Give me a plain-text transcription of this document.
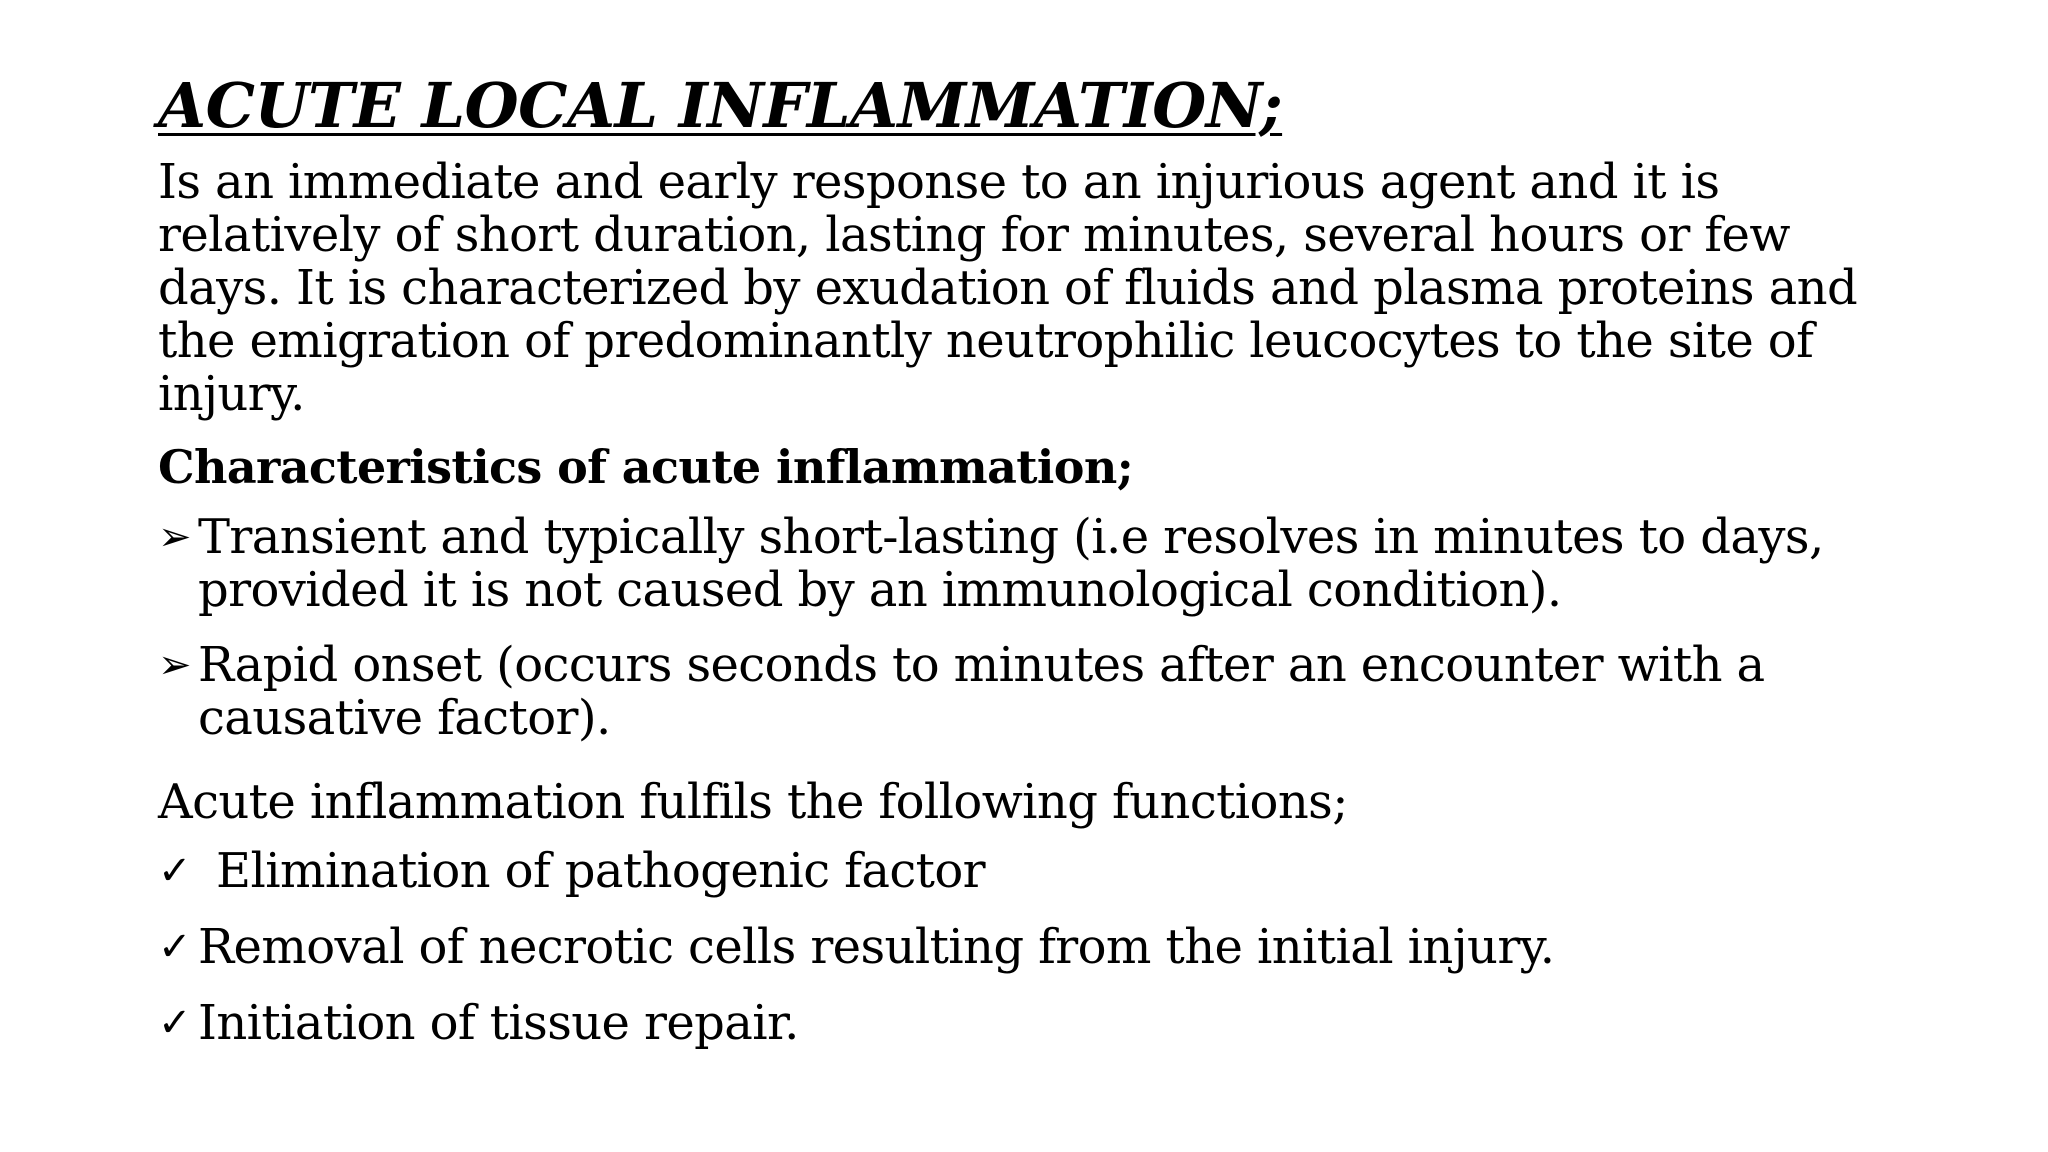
ACUTE LOCAL INFLAMMATION;
Is an immediate and early response to an injurious agent and it is relatively of short duration, lasting for minutes, several hours or few days. It is characterized by exudation of fluids and plasma proteins and the emigration of predominantly neutrophilic leucocytes to the site of injury.
Characteristics of acute inflammation;
➢ Transient and typically short-lasting (i.e resolves in minutes to days, provided it is not caused by an immunological condition).
➢ Rapid onset (occurs seconds to minutes after an encounter with a causative factor).
Acute inflammation fulfils the following functions;
✓ Elimination of pathogenic factor
✓ Removal of necrotic cells resulting from the initial injury.
✓ Initiation of tissue repair.
